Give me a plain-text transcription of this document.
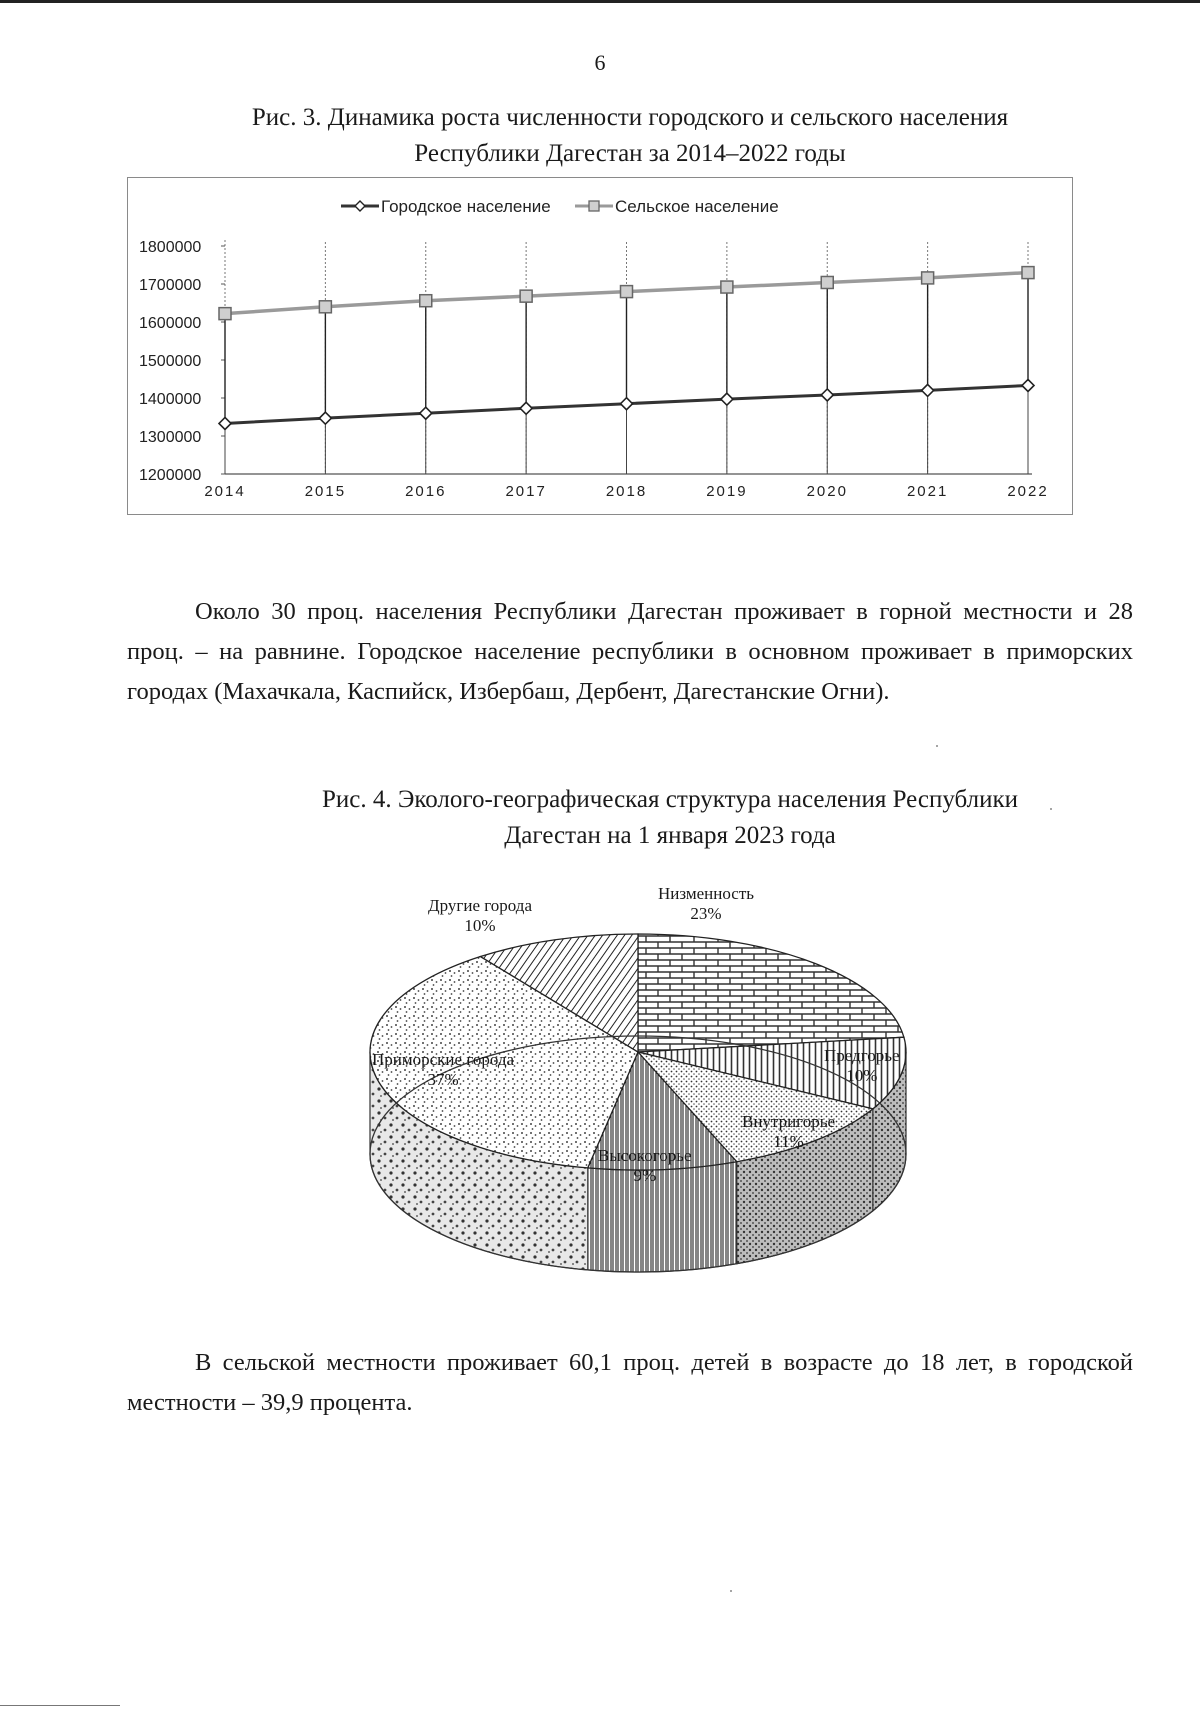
6
Рис. 3. Динамика роста численности городского и сельского населения
Республики Дагестан за 2014–2022 годы
1800000
1700000
1600000
1500000
1400000
1300000
1200000
2014	2015	2016	2017	2018	2019	2020	2021	2022
Городское население	Сельское население

Около 30 проц. населения Республики Дагестан проживает в горной местности и 28 проц. – на равнине. Городское население республики в основном проживает в приморских городах (Махачкала, Каспийск, Избербаш, Дербент, Дагестанские Огни).

Рис. 4. Эколого-географическая структура населения Республики
Дагестан на 1 января 2023 года
Другие города
10%
Низменность
23%
Предгорье
10%
Внутригорье
11%
Высокогорье
9%
Приморские города
37%

В сельской местности проживает 60,1 проц. детей в возрасте до 18 лет, в городской местности – 39,9 процента.
